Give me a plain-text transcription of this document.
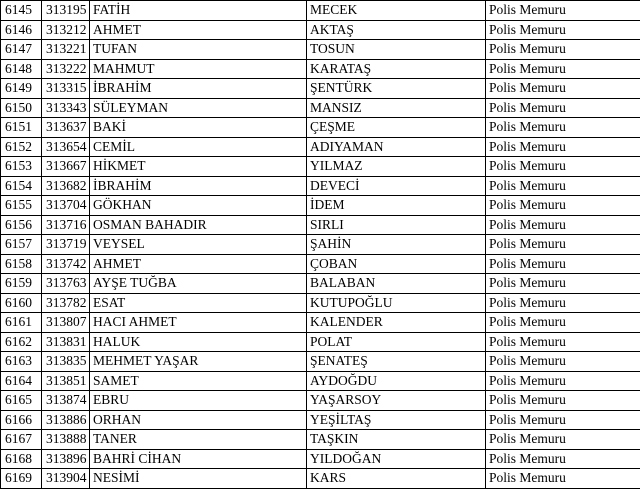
6145	313195	FATİH	MECEK	Polis Memuru
6146	313212	AHMET	AKTAŞ	Polis Memuru
6147	313221	TUFAN	TOSUN	Polis Memuru
6148	313222	MAHMUT	KARATAŞ	Polis Memuru
6149	313315	İBRAHİM	ŞENTÜRK	Polis Memuru
6150	313343	SÜLEYMAN	MANSIZ	Polis Memuru
6151	313637	BAKİ	ÇEŞME	Polis Memuru
6152	313654	CEMİL	ADIYAMAN	Polis Memuru
6153	313667	HİKMET	YILMAZ	Polis Memuru
6154	313682	İBRAHİM	DEVECİ	Polis Memuru
6155	313704	GÖKHAN	İDEM	Polis Memuru
6156	313716	OSMAN BAHADIR	SIRLI	Polis Memuru
6157	313719	VEYSEL	ŞAHİN	Polis Memuru
6158	313742	AHMET	ÇOBAN	Polis Memuru
6159	313763	AYŞE TUĞBA	BALABAN	Polis Memuru
6160	313782	ESAT	KUTUPOĞLU	Polis Memuru
6161	313807	HACI AHMET	KALENDER	Polis Memuru
6162	313831	HALUK	POLAT	Polis Memuru
6163	313835	MEHMET YAŞAR	ŞENATEŞ	Polis Memuru
6164	313851	SAMET	AYDOĞDU	Polis Memuru
6165	313874	EBRU	YAŞARSOY	Polis Memuru
6166	313886	ORHAN	YEŞİLTAŞ	Polis Memuru
6167	313888	TANER	TAŞKIN	Polis Memuru
6168	313896	BAHRİ CİHAN	YILDOĞAN	Polis Memuru
6169	313904	NESİMİ	KARS	Polis Memuru
